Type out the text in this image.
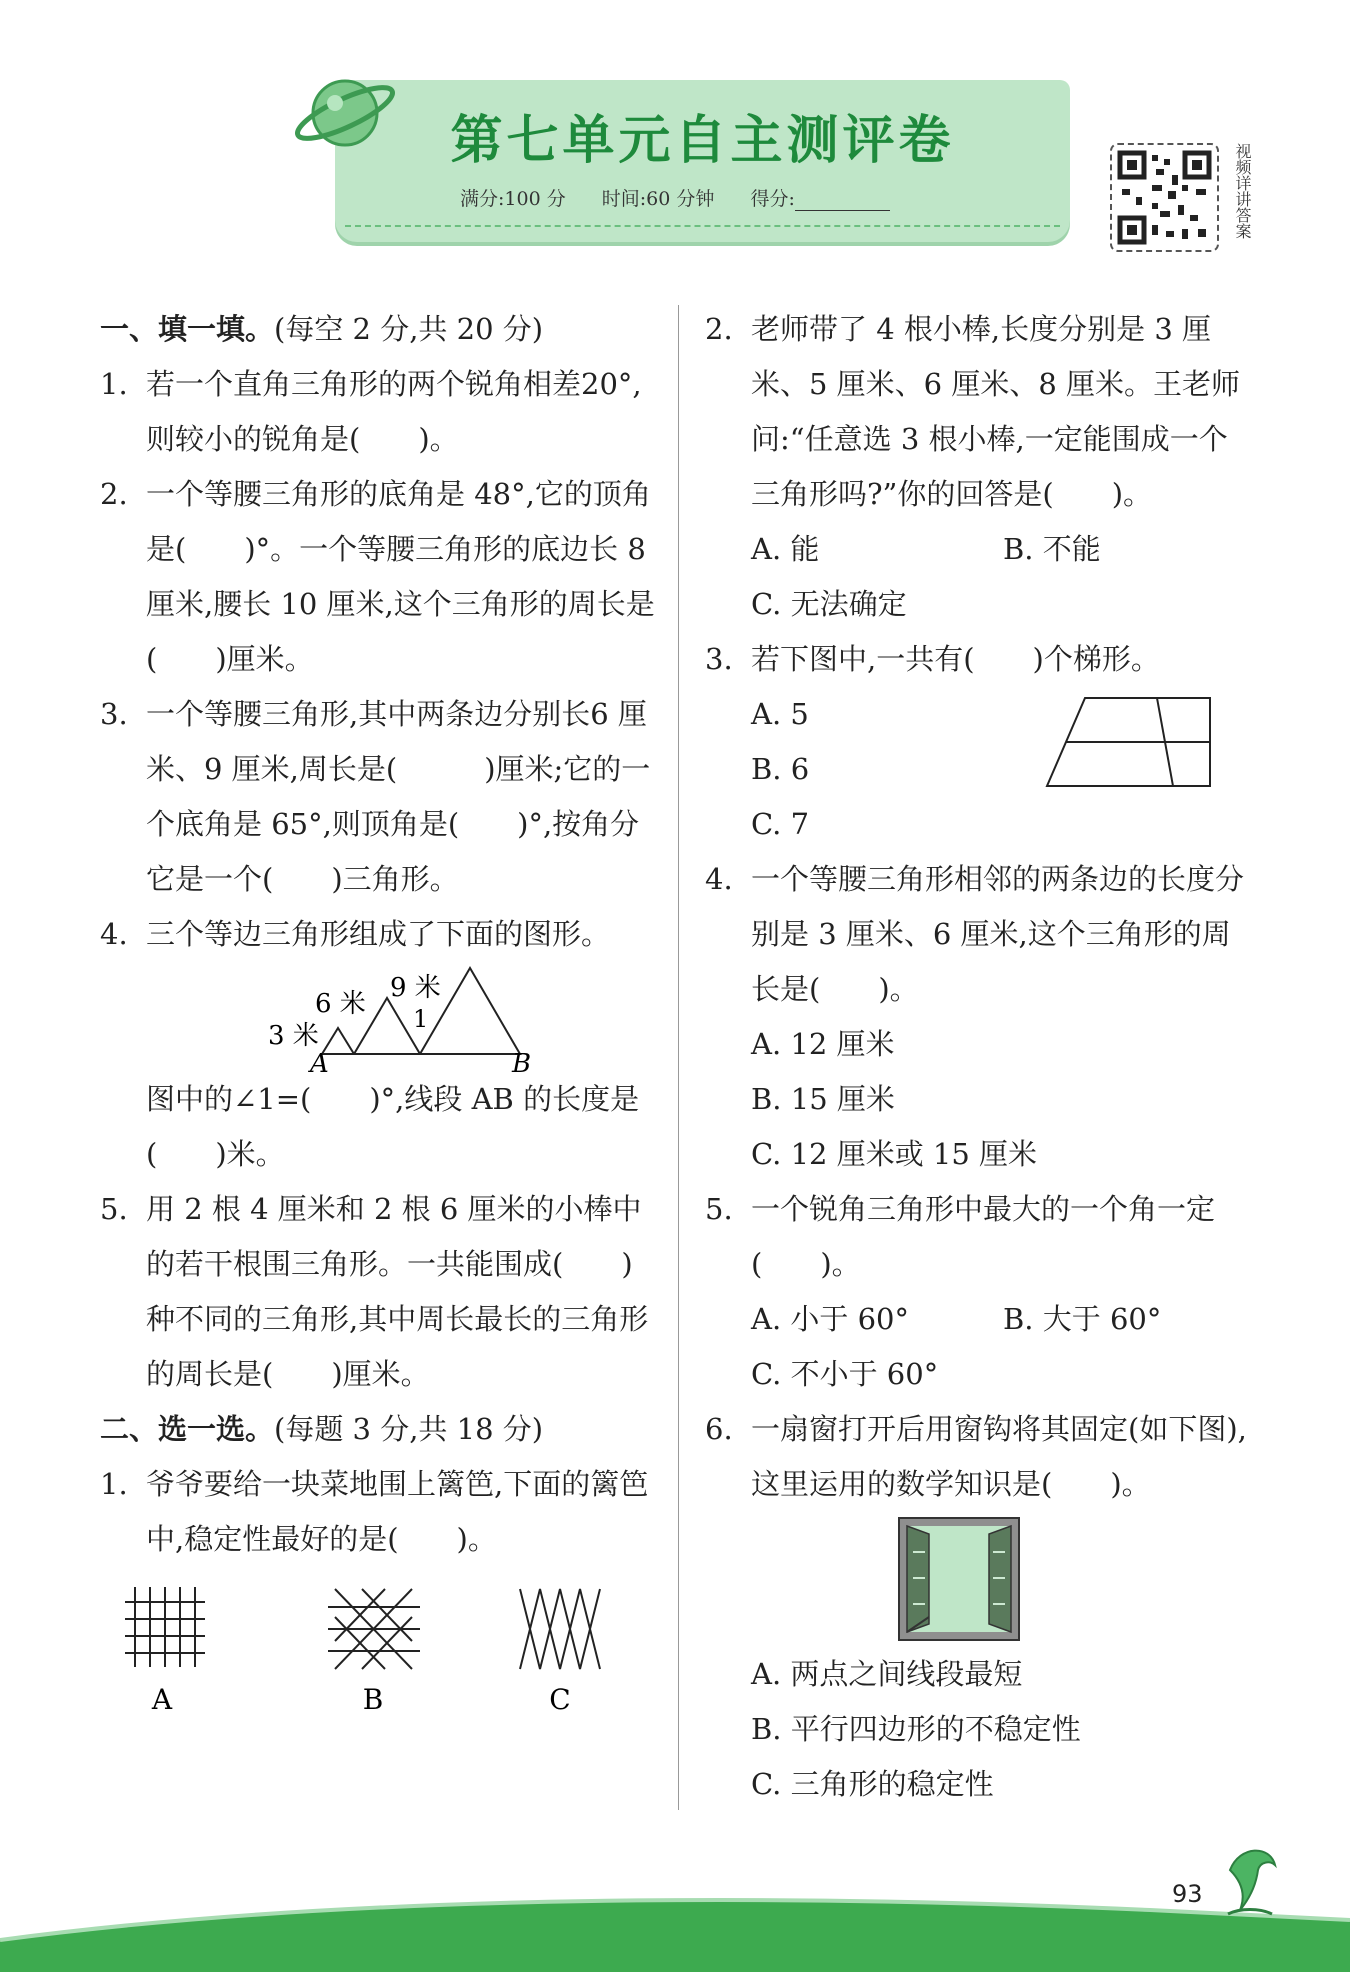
第七单元自主测评卷
满分:100 分 时间:60 分钟 得分:	视频详讲答案
一、填一填。(每空 2 分,共 20 分)
1. 若一个直角三角形的两个锐角相差20°,则较小的锐角是(　　)。
2. 一个等腰三角形的底角是 48°,它的顶角是(　　)°。一个等腰三角形的底边长 8 厘米,腰长 10 厘米,这个三角形的周长是(　　)厘米。
3. 一个等腰三角形,其中两条边分别长6 厘米、9 厘米,周长是(　　　)厘米;它的一个底角是 65°,则顶角是(　　)°,按角分它是一个(　　)三角形。
4. 三个等边三角形组成了下面的图形。
3 米
6 米
9 米
1
A	B
图中的∠1=(　　)°,线段 AB 的长度是(　　)米。
5. 用 2 根 4 厘米和 2 根 6 厘米的小棒中的若干根围三角形。一共能围成(　　)种不同的三角形,其中周长最长的三角形的周长是(　　)厘米。
二、选一选。(每题 3 分,共 18 分)
1. 爷爷要给一块菜地围上篱笆,下面的篱笆中,稳定性最好的是(　　)。
A	B	C
2. 老师带了 4 根小棒,长度分别是 3 厘米、5 厘米、6 厘米、8 厘米。王老师问:“任意选 3 根小棒,一定能围成一个三角形吗?”你的回答是(　　)。
A. 能	B. 不能
C. 无法确定
3. 若下图中,一共有(　　)个梯形。
A. 5
B. 6
C. 7
4. 一个等腰三角形相邻的两条边的长度分别是 3 厘米、6 厘米,这个三角形的周长是(　　)。
A. 12 厘米
B. 15 厘米
C. 12 厘米或 15 厘米
5. 一个锐角三角形中最大的一个角一定(　　)。
A. 小于 60°	B. 大于 60°
C. 不小于 60°
6. 一扇窗打开后用窗钩将其固定(如下图),这里运用的数学知识是(　　)。
A. 两点之间线段最短
B. 平行四边形的不稳定性
C. 三角形的稳定性
93
